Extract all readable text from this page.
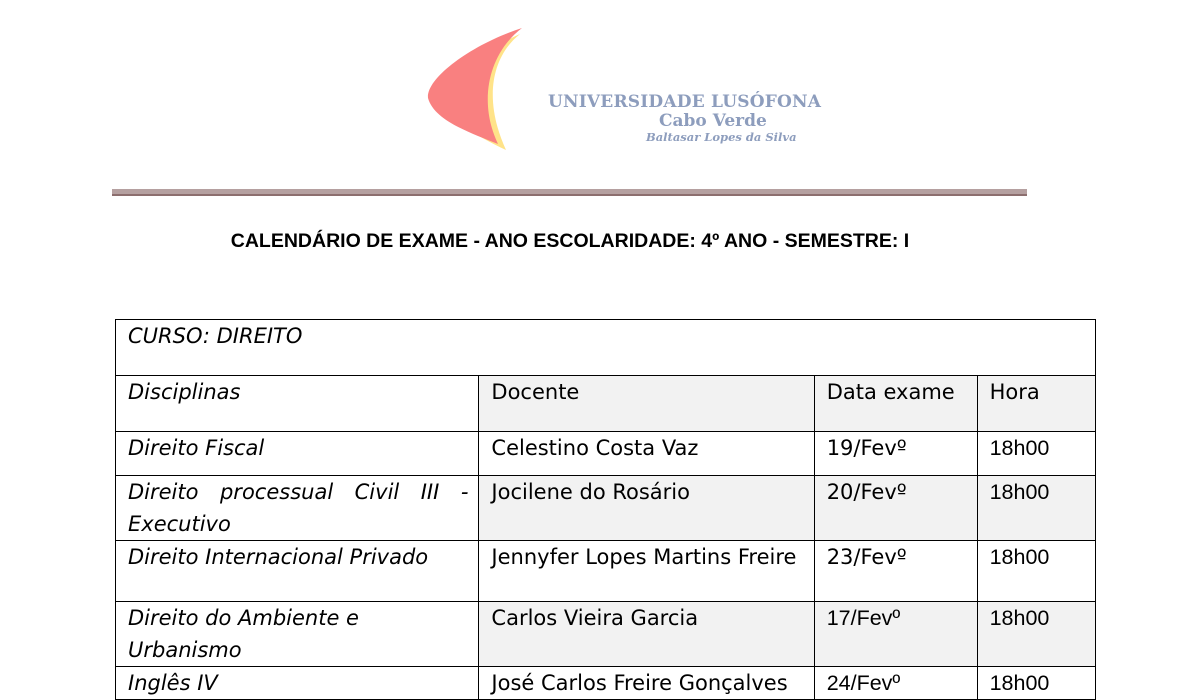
UNIVERSIDADE LUSÓFONA
Cabo Verde
Baltasar Lopes da Silva
CALENDÁRIO DE EXAME - ANO ESCOLARIDADE: 4º ANO - SEMESTRE: I
CURSO: DIREITO			
Disciplinas	Docente	Data exame	Hora
Direito Fiscal	Celestino Costa Vaz	19/Fevº	18h00
Direito processual Civil III - Executivo	Jocilene do Rosário	20/Fevº	18h00
Direito Internacional Privado	Jennyfer Lopes Martins Freire	23/Fevº	18h00
Direito do Ambiente e Urbanismo	Carlos Vieira Garcia	17/Fevº	18h00
Inglês IV	José Carlos Freire Gonçalves	24/Fevº	18h00
